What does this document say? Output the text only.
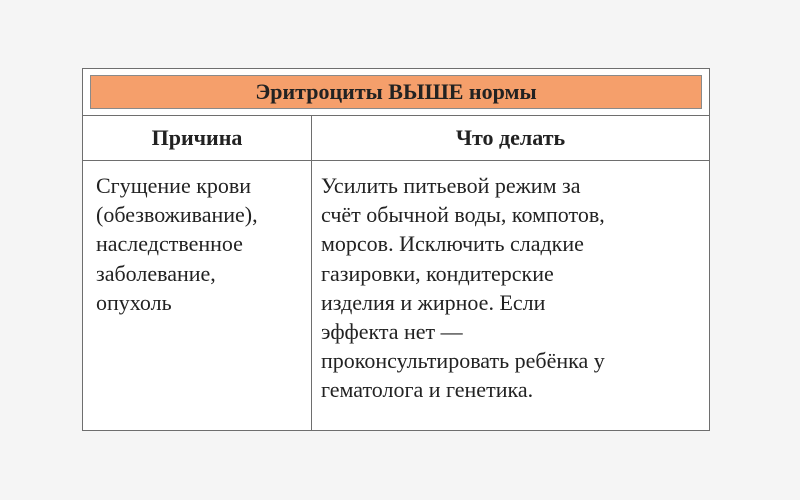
Эритроциты ВЫШЕ нормы
Причина	Что делать
Сгущение крови
(обезвоживание),
наследственное
заболевание,
опухоль
Усилить питьевой режим за
счёт обычной воды, компотов,
морсов. Исключить сладкие
газировки, кондитерские
изделия и жирное. Если
эффекта нет —
проконсультировать ребёнка у
гематолога и генетика.
